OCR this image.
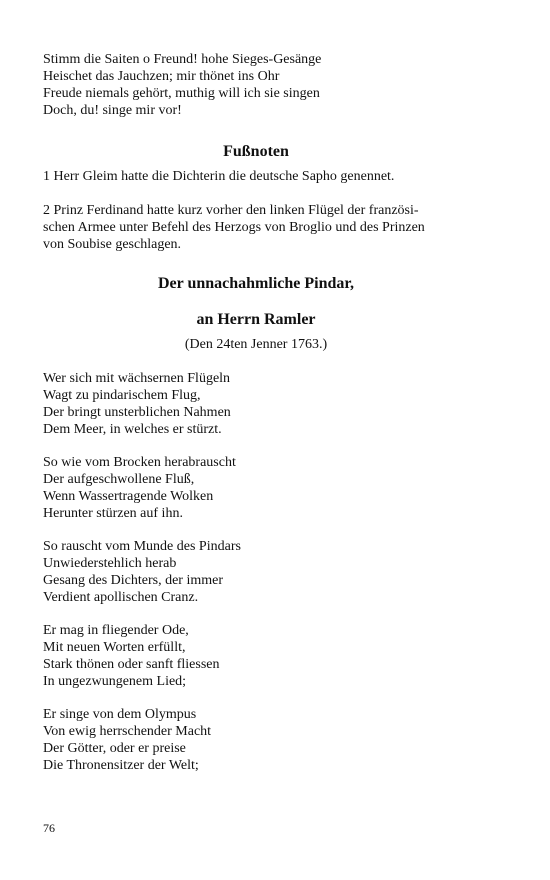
Stimm die Saiten o Freund! hohe Sieges-Gesänge
Heischet das Jauchzen; mir thönet ins Ohr
Freude niemals gehört, muthig will ich sie singen
Doch, du! singe mir vor!
Fußnoten
1 Herr Gleim hatte die Dichterin die deutsche Sapho genennet.
2 Prinz Ferdinand hatte kurz vorher den linken Flügel der französi-
schen Armee unter Befehl des Herzogs von Broglio und des Prinzen
von Soubise geschlagen.
Der unnachahmliche Pindar,
an Herrn Ramler
(Den 24ten Jenner 1763.)
Wer sich mit wächsernen Flügeln
Wagt zu pindarischem Flug,
Der bringt unsterblichen Nahmen
Dem Meer, in welches er stürzt.
So wie vom Brocken herabrauscht
Der aufgeschwollene Fluß,
Wenn Wassertragende Wolken
Herunter stürzen auf ihn.
So rauscht vom Munde des Pindars
Unwiederstehlich herab
Gesang des Dichters, der immer
Verdient apollischen Cranz.
Er mag in fliegender Ode,
Mit neuen Worten erfüllt,
Stark thönen oder sanft fliessen
In ungezwungenem Lied;
Er singe von dem Olympus
Von ewig herrschender Macht
Der Götter, oder er preise
Die Thronensitzer der Welt;
76
